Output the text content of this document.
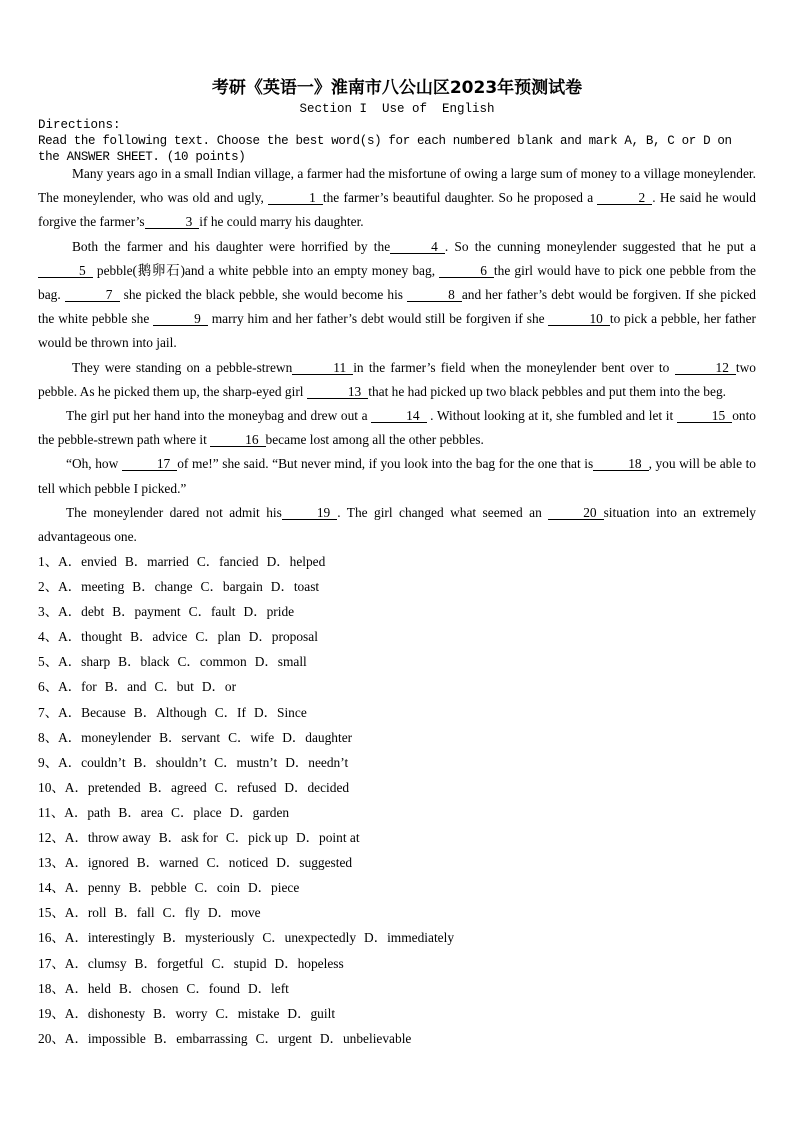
考研《英语一》淮南市八公山区2023年预测试卷
Section I  Use of  English
Directions:
Read the following text. Choose the best word(s) for each numbered blank and mark A, B, C or D on the ANSWER SHEET. (10 points)

Many years ago in a small Indian village, a farmer had the misfortune of owing a large sum of money to a village moneylender. The moneylender, who was old and ugly,	1 the farmer’s beautiful daughter. So he proposed a	2 . He said he would forgive the farmer’s	3 if he could marry his daughter.

Both the farmer and his daughter were horrified by the	4 . So the cunning moneylender suggested that he put a 5 pebble(鹅卵石)and a white pebble into an empty money bag,	6 the girl would have to pick one pebble from the bag.	7 she picked the black pebble, she would become his	8 and her father’s debt would be forgiven. If she picked the white pebble she	9 marry him and her father’s debt would still be forgiven if she	10 to pick a pebble, her father would be thrown into jail.

They were standing on a pebble-strewn	11 in the farmer’s field when the moneylender bent over to	12 two pebble. As he picked them up, the sharp-eyed girl	13 that he had picked up two black pebbles and put them into the beg.

The girl put her hand into the moneybag and drew out a	14 . Without looking at it, she fumbled and let it	15 onto the pebble-strewn path where it	16 became lost among all the other pebbles.

“Oh, how	17 of me!” she said. “But never mind, if you look into the bag for the one that is	18 , you will be able to tell which pebble I picked.”

The moneylender dared not admit his	19 . The girl changed what seemed an	20 situation into an extremely advantageous one.

1、A．envied B．married C．fancied D．helped
2、A．meeting B．change C．bargain D．toast
3、A．debt B．payment C．fault D．pride
4、A．thought B．advice C．plan D．proposal
5、A．sharp B．black C．common D．small
6、A．for B．and C．but D．or
7、A．Because B．Although C．If D．Since
8、A．moneylender B．servant C．wife D．daughter
9、A．couldn’t B．shouldn’t C．mustn’t D．needn’t
10、A．pretended B．agreed C．refused D．decided
11、A．path B．area C．place D．garden
12、A．throw away B．ask for C．pick up D．point at
13、A．ignored B．warned C．noticed D．suggested
14、A．penny B．pebble C．coin D．piece
15、A．roll B．fall C．fly D．move
16、A．interestingly B．mysteriously C．unexpectedly D．immediately
17、A．clumsy B．forgetful C．stupid D．hopeless
18、A．held B．chosen C．found D．left
19、A．dishonesty B．worry C．mistake D．guilt
20、A．impossible B．embarrassing C．urgent D．unbelievable
